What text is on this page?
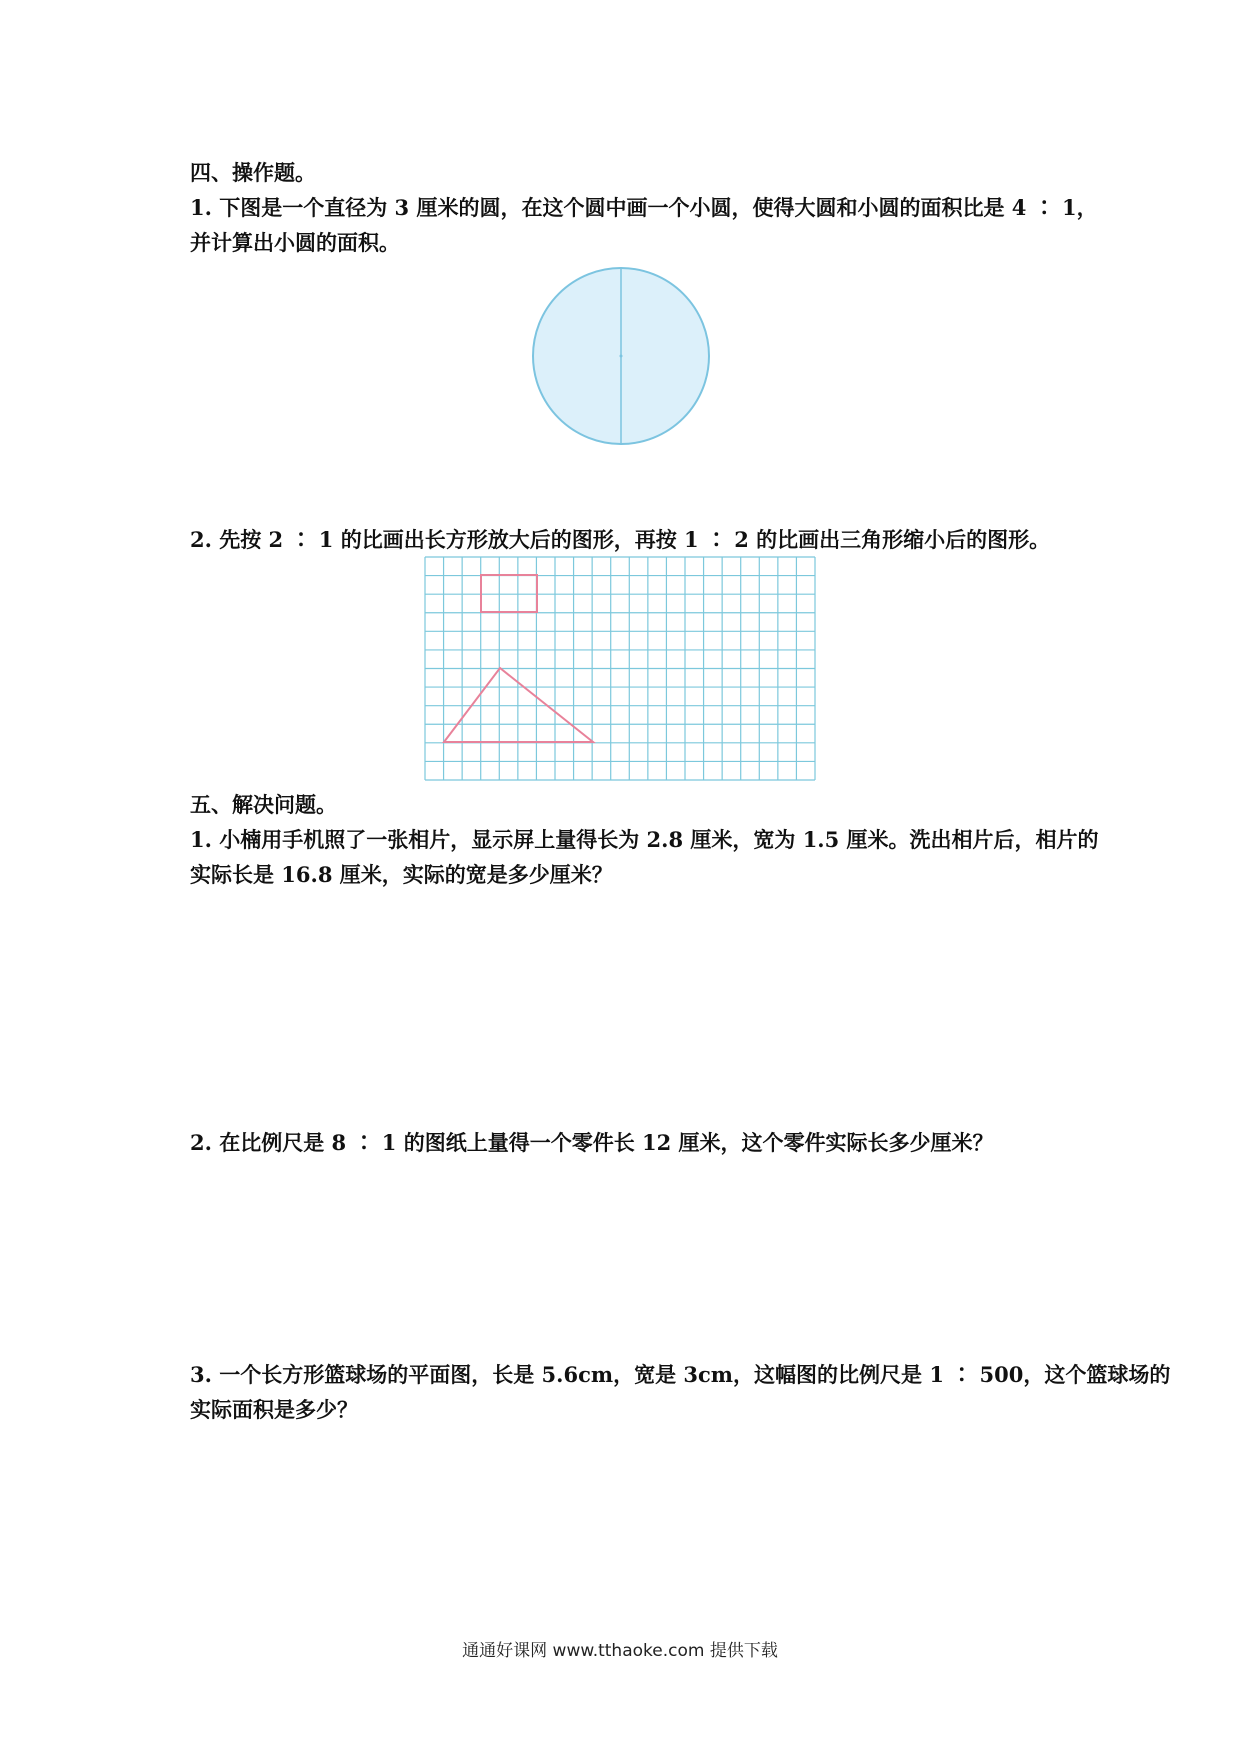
四、操作题。
1. 下图是一个直径为 3 厘米的圆，在这个圆中画一个小圆，使得大圆和小圆的面积比是 4 ∶ 1，
并计算出小圆的面积。
2. 先按 2 ∶ 1 的比画出长方形放大后的图形，再按 1 ∶ 2 的比画出三角形缩小后的图形。
五、解决问题。
1. 小楠用手机照了一张相片，显示屏上量得长为 2.8 厘米，宽为 1.5 厘米。洗出相片后，相片的
实际长是 16.8 厘米，实际的宽是多少厘米？
2. 在比例尺是 8 ∶ 1 的图纸上量得一个零件长 12 厘米，这个零件实际长多少厘米？
3. 一个长方形篮球场的平面图，长是 5.6cm，宽是 3cm，这幅图的比例尺是 1 ∶ 500，这个篮球场的
实际面积是多少？
通通好课网 www.tthaoke.com 提供下载
